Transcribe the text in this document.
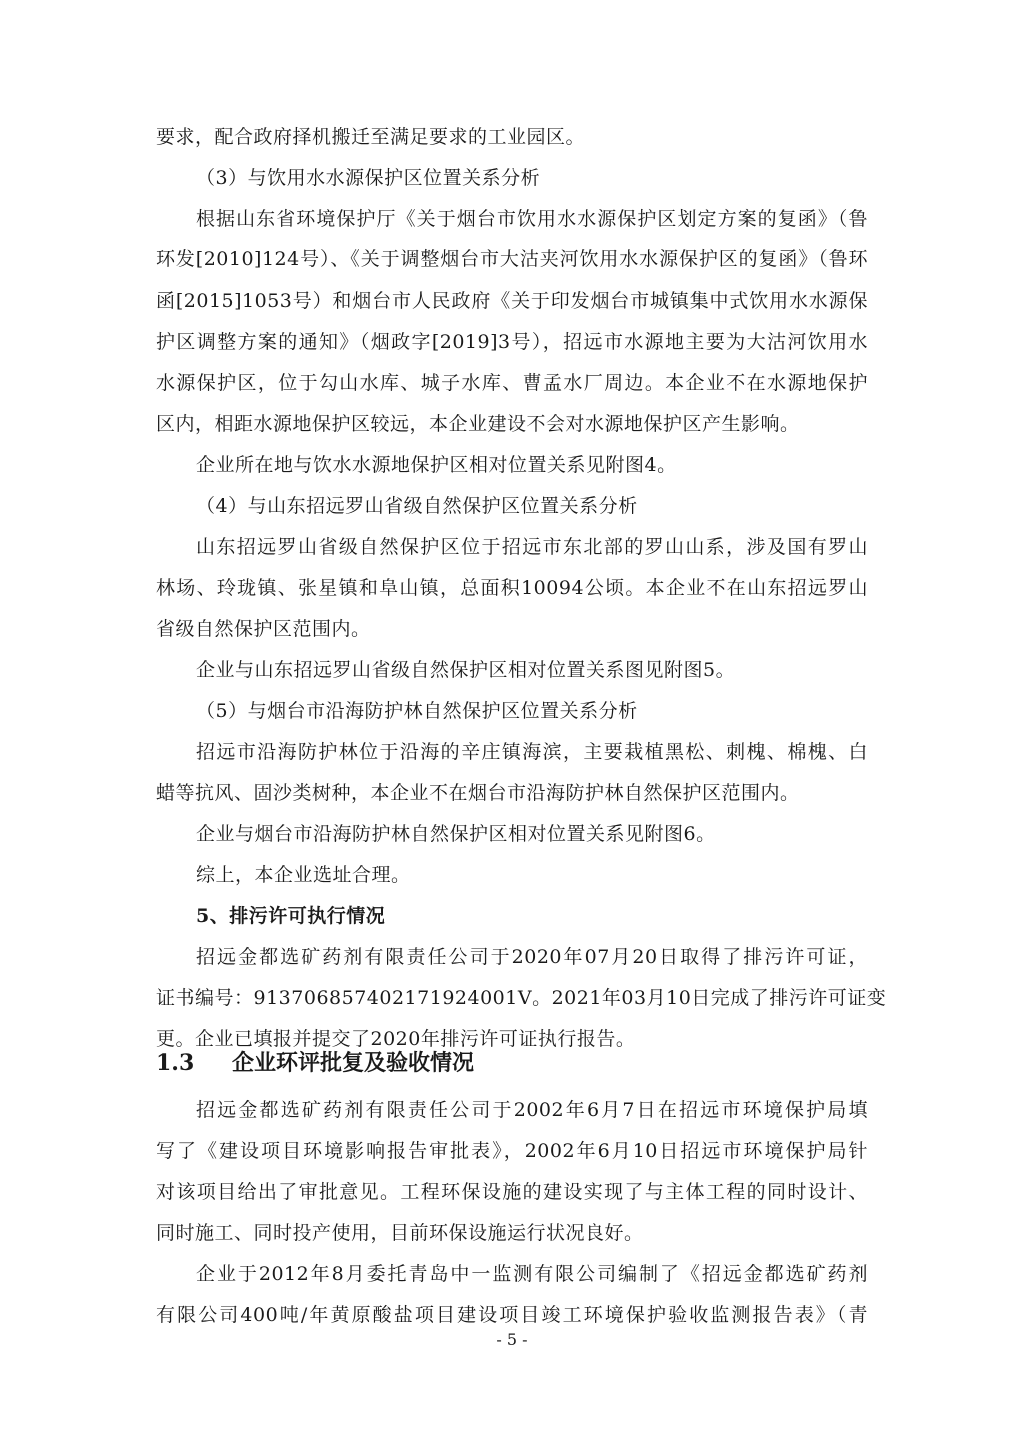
要求，配合政府择机搬迁至满足要求的工业园区。
（3）与饮用水水源保护区位置关系分析
根据山东省环境保护厅《关于烟台市饮用水水源保护区划定方案的复函》（鲁
环发[2010]124号）、《关于调整烟台市大沽夹河饮用水水源保护区的复函》（鲁环
函[2015]1053号）和烟台市人民政府《关于印发烟台市城镇集中式饮用水水源保
护区调整方案的通知》（烟政字[2019]3号），招远市水源地主要为大沽河饮用水
水源保护区，位于勾山水库、城子水库、曹孟水厂周边。本企业不在水源地保护
区内，相距水源地保护区较远，本企业建设不会对水源地保护区产生影响。
企业所在地与饮水水源地保护区相对位置关系见附图4。
（4）与山东招远罗山省级自然保护区位置关系分析
山东招远罗山省级自然保护区位于招远市东北部的罗山山系，涉及国有罗山
林场、玲珑镇、张星镇和阜山镇，总面积10094公顷。本企业不在山东招远罗山
省级自然保护区范围内。
企业与山东招远罗山省级自然保护区相对位置关系图见附图5。
（5）与烟台市沿海防护林自然保护区位置关系分析
招远市沿海防护林位于沿海的辛庄镇海滨，主要栽植黑松、刺槐、棉槐、白
蜡等抗风、固沙类树种，本企业不在烟台市沿海防护林自然保护区范围内。
企业与烟台市沿海防护林自然保护区相对位置关系见附图6。
综上，本企业选址合理。
5、排污许可执行情况
招远金都选矿药剂有限责任公司于2020年07月20日取得了排污许可证，
证书编号：91370685740217192400​1V。2021年03月10日完成了排污许可证变
更。企业已填报并提交了2020年排污许可证执行报告。
1.3 企业环评批复及验收情况
招远金都选矿药剂有限责任公司于2002年6月7日在招远市环境保护局填
写了《建设项目环境影响报告审批表》，2002年6月10日招远市环境保护局针
对该项目给出了审批意见。工程环保设施的建设实现了与主体工程的同时设计、
同时施工、同时投产使用，目前环保设施运行状况良好。
企业于2012年8月委托青岛中一监测有限公司编制了《招远金都选矿药剂
有限公司400吨/年黄原酸盐项目建设项目竣工环境保护验收监测报告表》（青
- 5 -
